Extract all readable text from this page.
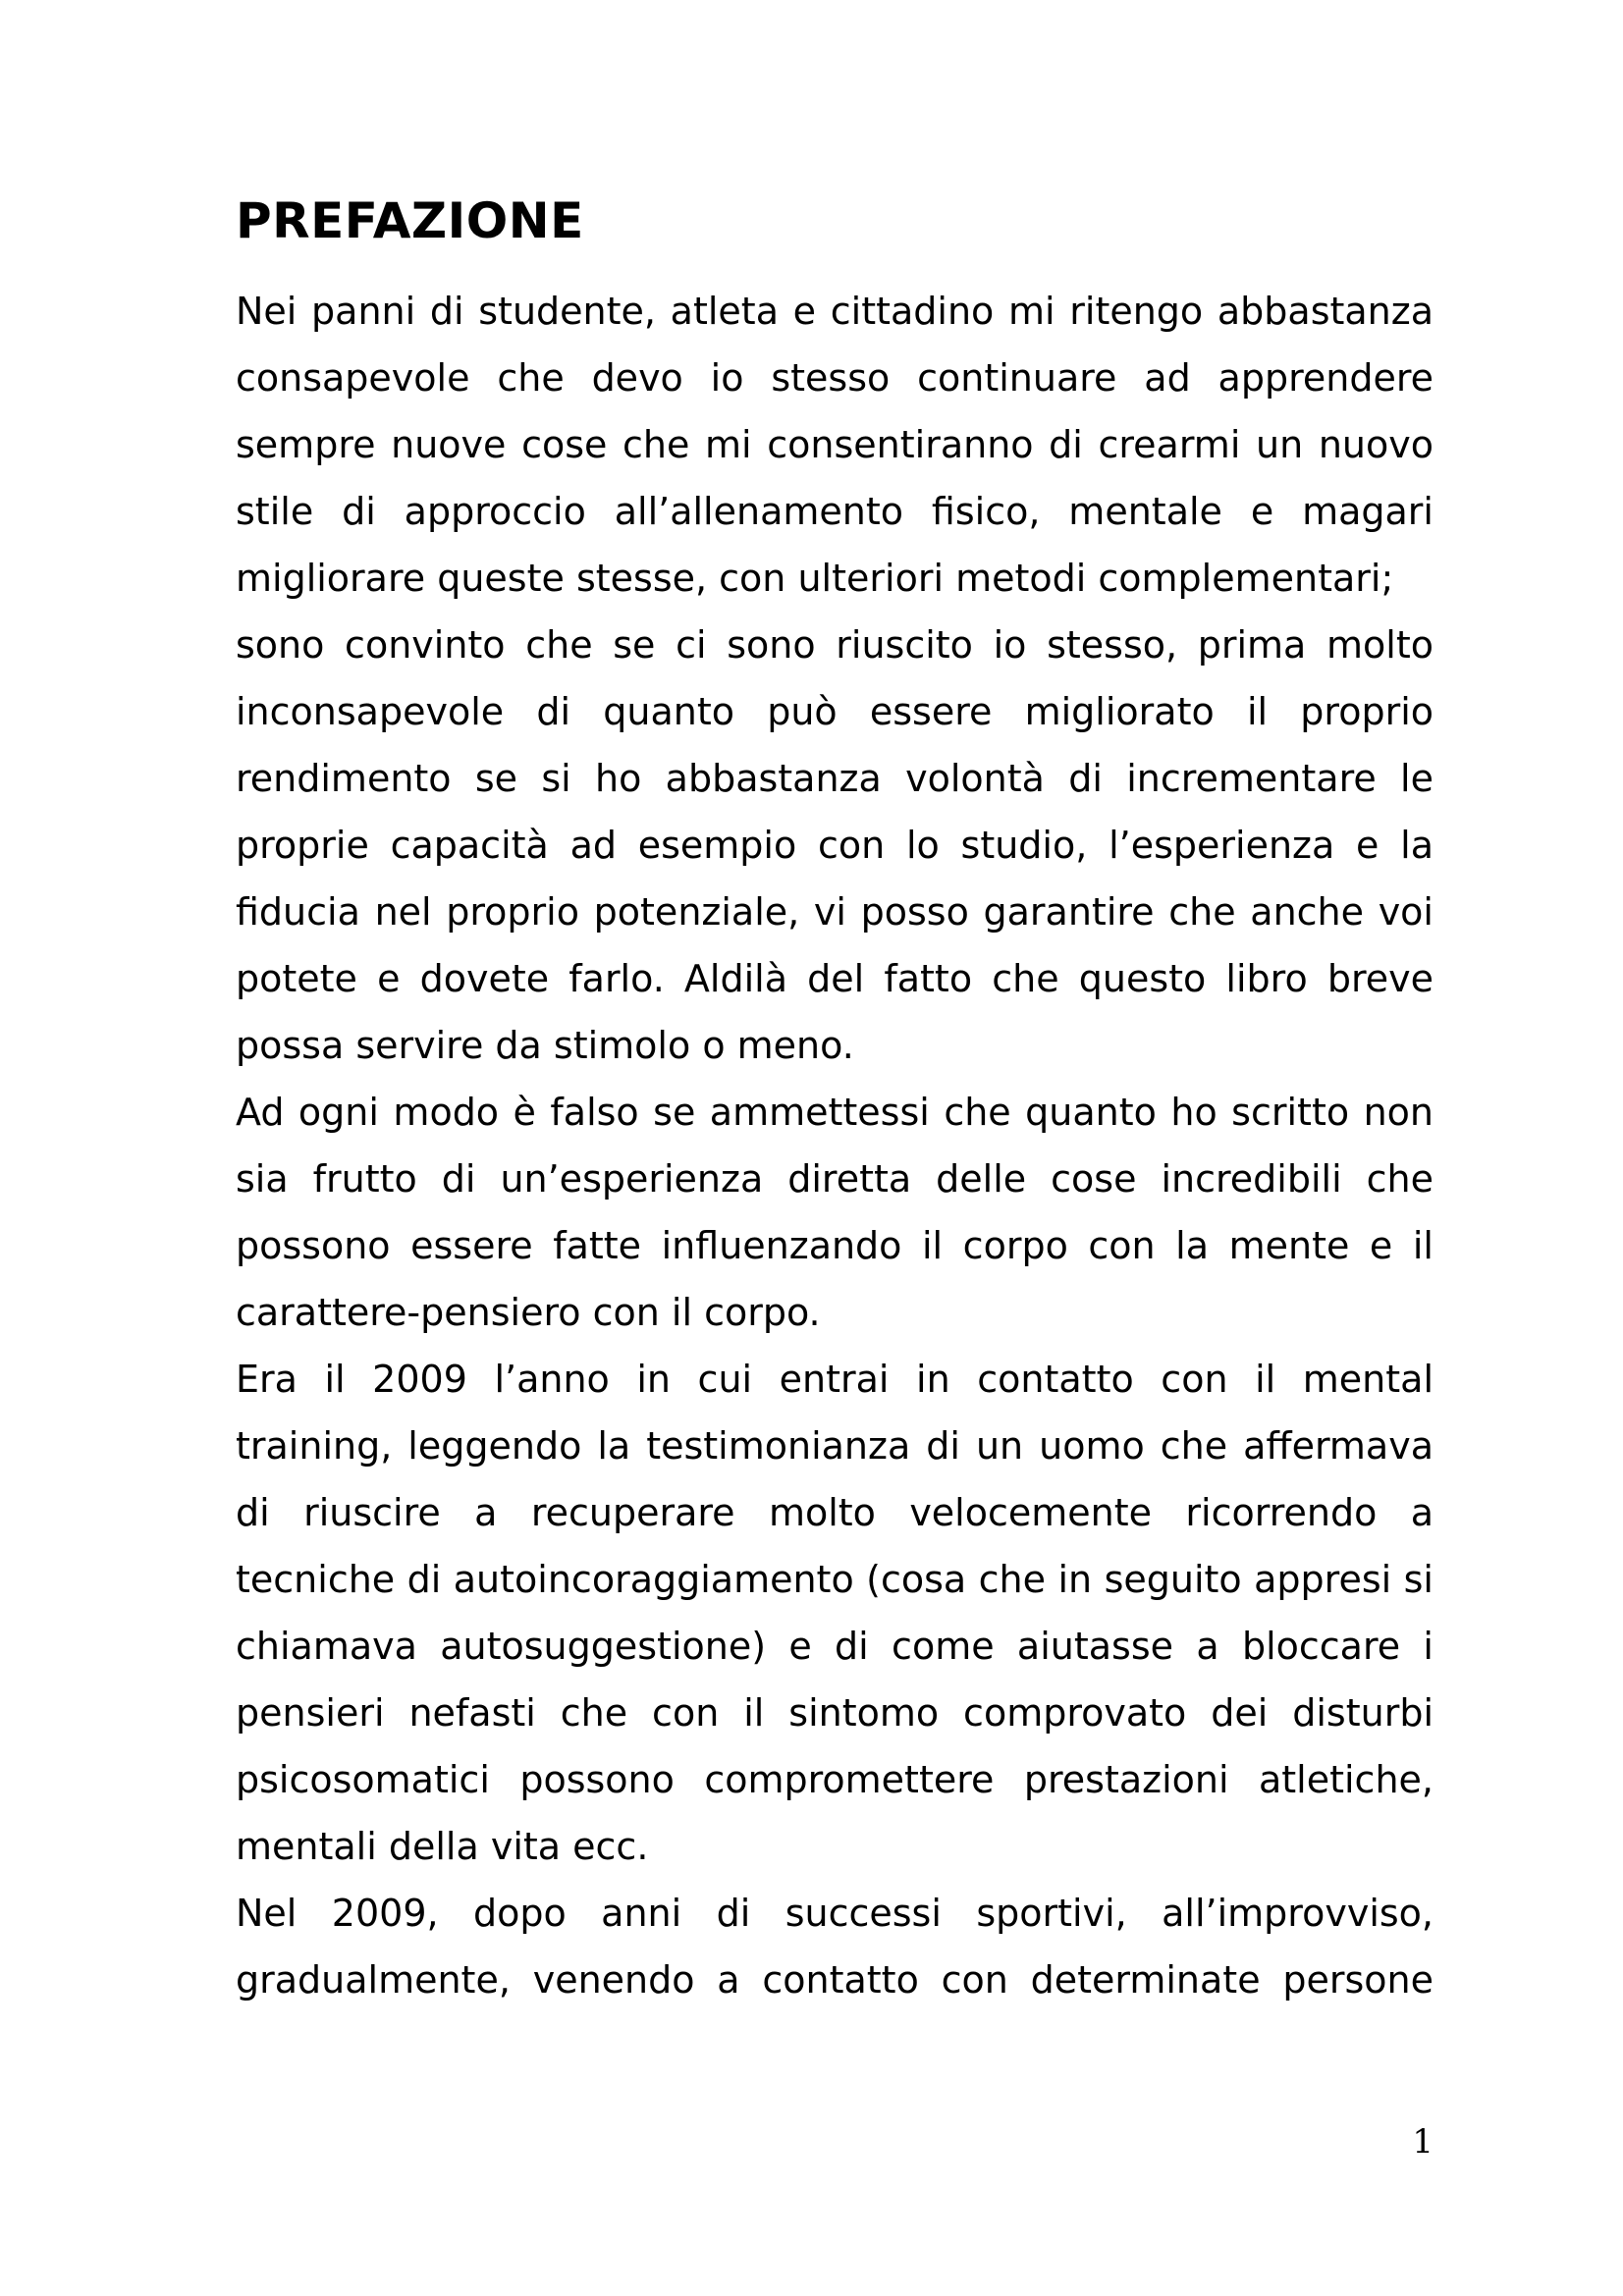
PREFAZIONE

Nei panni di studente, atleta e cittadino mi ritengo abbastanza consapevole che devo io stesso continuare ad apprendere sempre nuove cose che mi consentiranno di crearmi un nuovo stile di approccio all’allenamento fisico, mentale e magari migliorare queste stesse, con ulteriori metodi complementari;

sono convinto che se ci sono riuscito io stesso, prima molto inconsapevole di quanto può essere migliorato il proprio rendimento se si ho abbastanza volontà di incrementare le proprie capacità ad esempio con lo studio, l’esperienza e la fiducia nel proprio potenziale, vi posso garantire che anche voi potete e dovete farlo. Aldilà del fatto che questo libro breve possa servire da stimolo o meno.

Ad ogni modo è falso se ammettessi che quanto ho scritto non sia frutto di un’esperienza diretta delle cose incredibili che possono essere fatte influenzando il corpo con la mente e il carattere-pensiero con il corpo.

Era il 2009 l’anno in cui entrai in contatto con il mental training, leggendo la testimonianza di un uomo che affermava di riuscire a recuperare molto velocemente ricorrendo a tecniche di autoincoraggiamento (cosa che in seguito appresi si chiamava autosuggestione) e di come aiutasse a bloccare i pensieri nefasti che con il sintomo comprovato dei disturbi psicosomatici possono compromettere prestazioni atletiche, mentali della vita ecc.

Nel 2009, dopo anni di successi sportivi, all’improvviso, gradualmente, venendo a contatto con determinate persone

1
